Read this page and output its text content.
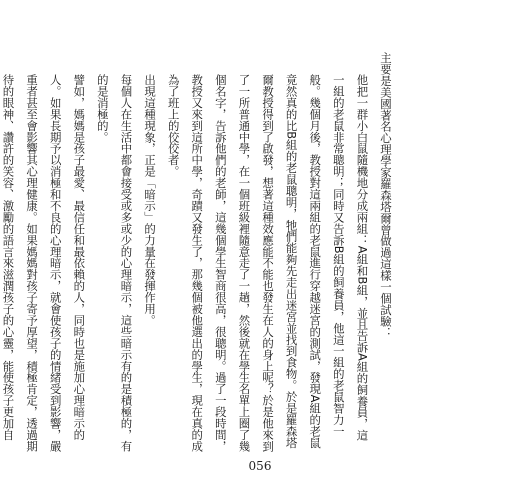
主要是美國著名心理學家羅森塔爾曾做過這樣一個試驗：

他把一群小白鼠隨機地分成兩組：A組和B組，並且告訴A組的飼養員，這一組的老鼠非常聰明；同時又告訴B組的飼養員，他這一組的老鼠智力一般。幾個月後，教授對這兩組的老鼠進行穿越迷宮的測試，發現A組的老鼠竟然真的比B組的老鼠聰明，牠們能夠先走出迷宮並找到食物。於是羅森塔爾教授得到了啟發，想著這種效應能不能也發生在人的身上呢？於是他來到了一所普通中學，在一個班級裡隨意走了一趟，然後就在學生名單上圈了幾個名字，告訴他們的老師，這幾個學生智商很高，很聰明。過了一段時間，教授又來到這所中學，奇蹟又發生了，那幾個被他選出的學生，現在真的成為了班上的佼佼者。

出現這種現象，正是「暗示」的力量在發揮作用。

每個人在生活中都會接受或多或少的心理暗示，這些暗示有的是積極的，有的是消極的。

譬如，媽媽是孩子最愛、最信任和最依賴的人，同時也是施加心理暗示的人。如果長期予以消極和不良的心理暗示，就會使孩子的情緒受到影響，嚴重者甚至會影響其心理健康。如果媽媽對孩子寄予厚望，積極肯定，透過期待的眼神、讚許的笑容、激勵的語言來滋潤孩子的心靈，能使孩子更加自

056
